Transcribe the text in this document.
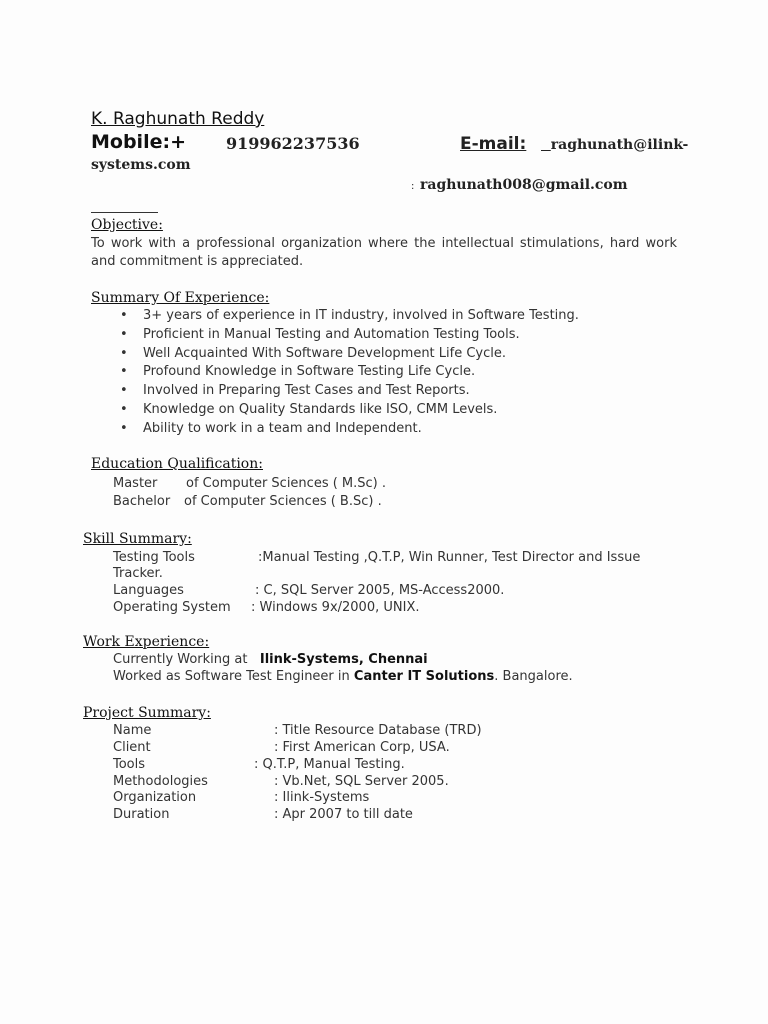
K. Raghunath Reddy
Mobile:+	919962237536	E-mail:	raghunath@ilink-
systems.com
: raghunath008@gmail.com
Objective:
To work with a professional organization where the intellectual stimulations, hard work and commitment is appreciated.
Summary Of Experience:
• 3+ years of experience in IT industry, involved in Software Testing.
• Proficient in Manual Testing and Automation Testing Tools.
• Well Acquainted With Software Development Life Cycle.
• Profound Knowledge in Software Testing Life Cycle.
• Involved in Preparing Test Cases and Test Reports.
• Knowledge on Quality Standards like ISO, CMM Levels.
• Ability to work in a team and Independent.
Education Qualification:
Master of Computer Sciences ( M.Sc) .
Bachelor of Computer Sciences ( B.Sc) .
Skill Summary:
Testing Tools	:Manual Testing ,Q.T.P, Win Runner, Test Director and Issue
Tracker.
Languages	: C, SQL Server 2005, MS-Access2000.
Operating System : Windows 9x/2000, UNIX.
Work Experience:
Currently Working at Ilink-Systems, Chennai
Worked as Software Test Engineer in Canter IT Solutions. Bangalore.
Project Summary:
Name	: Title Resource Database (TRD)
Client	: First American Corp, USA.
Tools	: Q.T.P, Manual Testing.
Methodologies	: Vb.Net, SQL Server 2005.
Organization	: Ilink-Systems
Duration	: Apr 2007 to till date
